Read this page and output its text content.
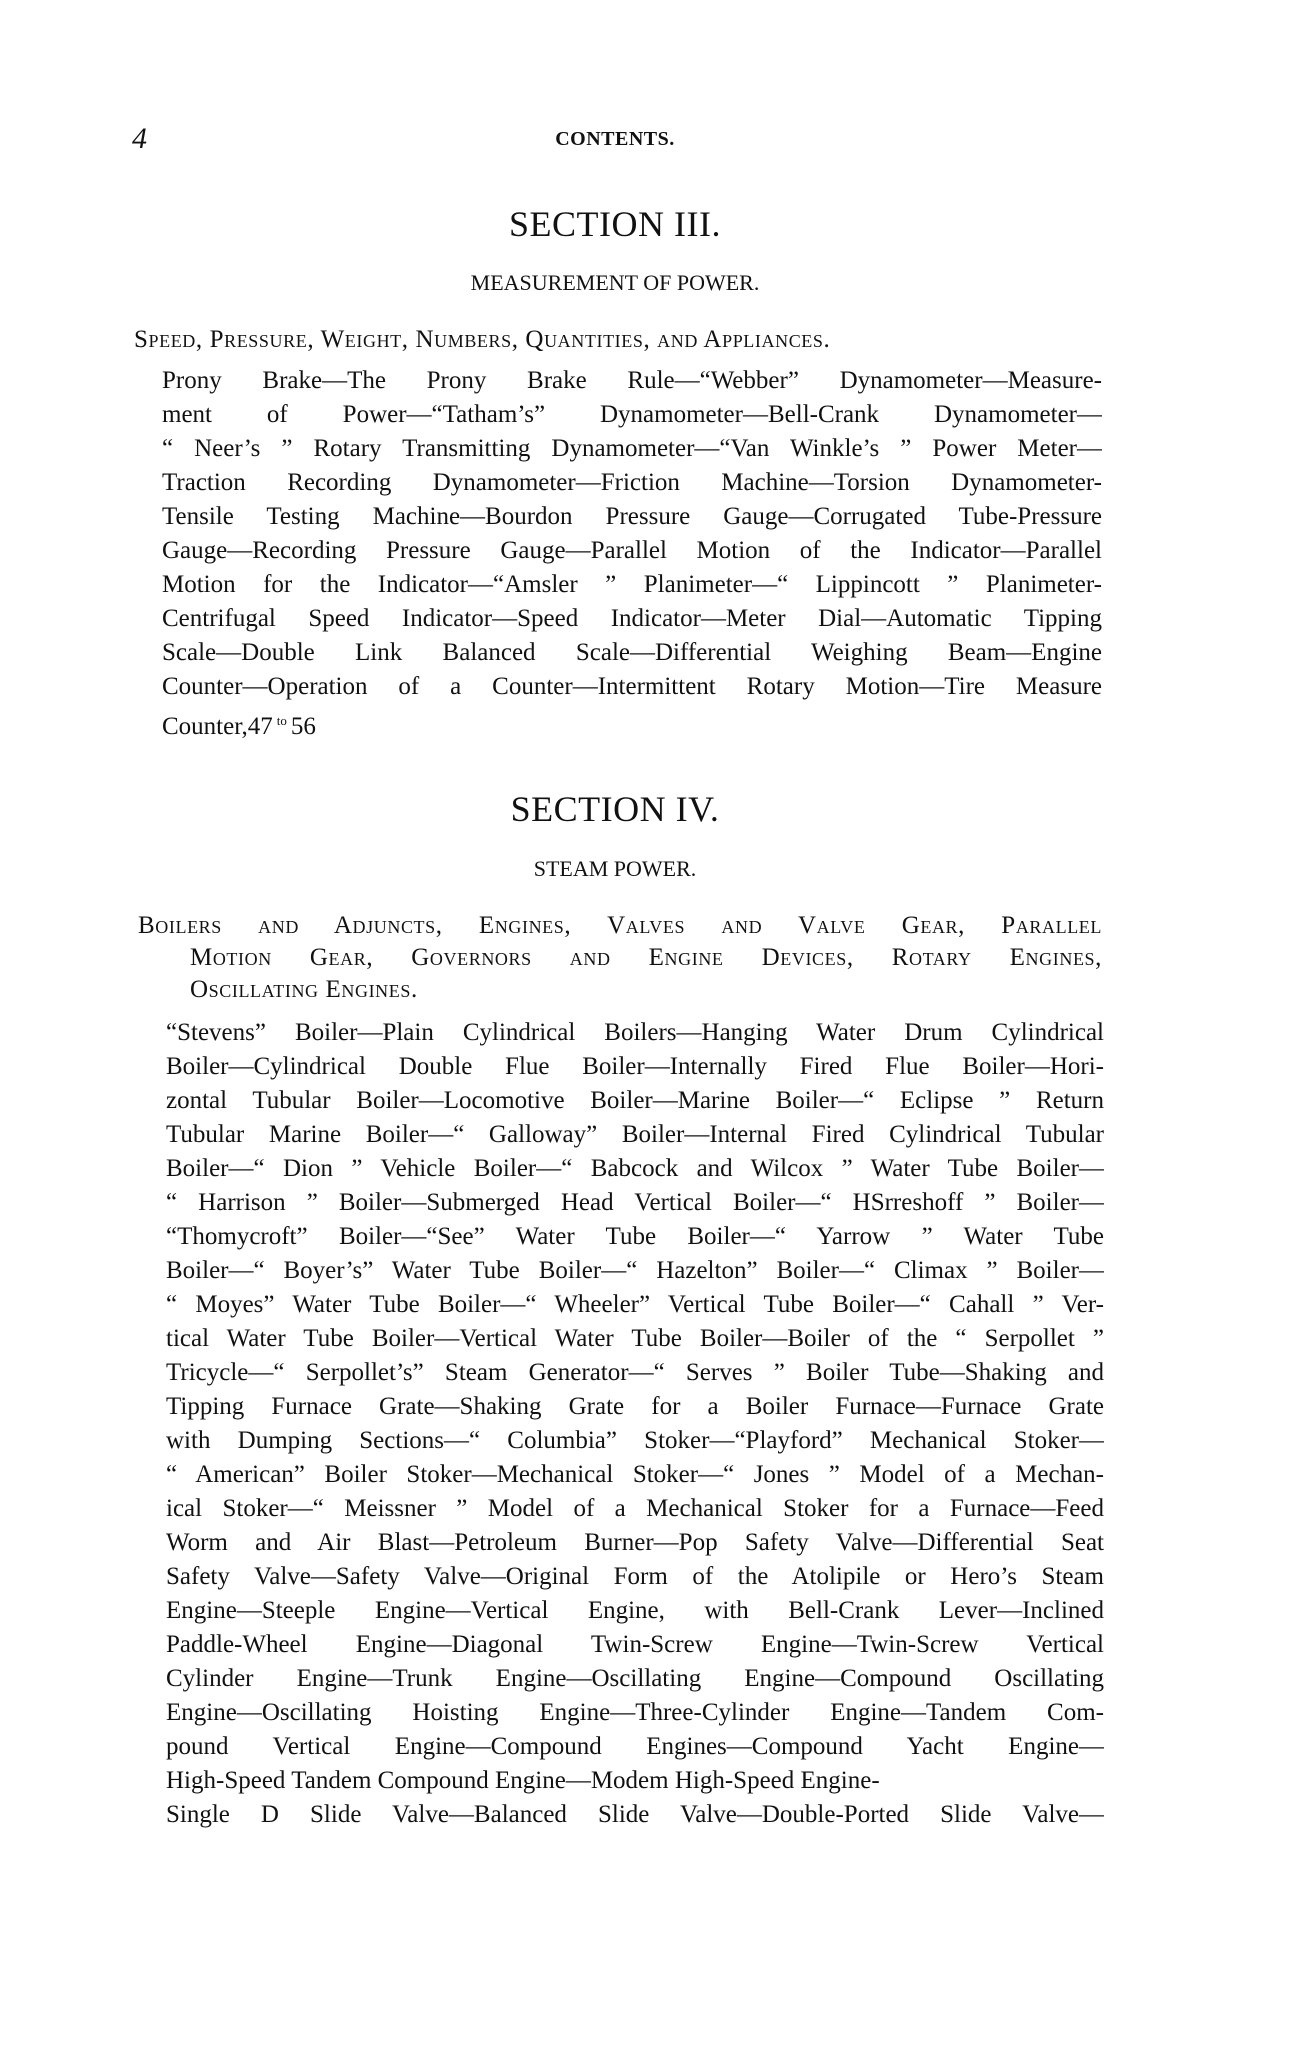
4	CONTENTS.
SECTION III.
MEASUREMENT OF POWER.
Speed, Pressure, Weight, Numbers, Quantities, and Appliances.
Prony Brake—The Prony Brake Rule—“Webber” Dynamometer—Measure-
ment of Power—“Tatham’s” Dynamometer—Bell-Crank Dynamometer—
“ Neer’s ” Rotary Transmitting Dynamometer—“Van Winkle’s ” Power Meter—
Traction Recording Dynamometer—Friction Machine—Torsion Dynamometer-
Tensile Testing Machine—Bourdon Pressure Gauge—Corrugated Tube-Pressure
Gauge—Recording Pressure Gauge—Parallel Motion of the Indicator—Parallel
Motion for the Indicator—“Amsler ” Planimeter—“ Lippincott ” Planimeter-
Centrifugal Speed Indicator—Speed Indicator—Meter Dial—Automatic Tipping
Scale—Double Link Balanced Scale—Differential Weighing Beam—Engine
Counter—Operation of a Counter—Intermittent Rotary Motion—Tire Measure
Counter,47 $^{to}$ 56
SECTION IV.
STEAM POWER.
Boilers and Adjuncts, Engines, Valves and Valve Gear, Parallel
Motion Gear, Governors and Engine Devices, Rotary Engines,
Oscillating Engines.
“Stevens” Boiler—Plain Cylindrical Boilers—Hanging Water Drum Cylindrical
Boiler—Cylindrical Double Flue Boiler—Internally Fired Flue Boiler—Hori-
zontal Tubular Boiler—Locomotive Boiler—Marine Boiler—“ Eclipse ” Return
Tubular Marine Boiler—“ Galloway” Boiler—Internal Fired Cylindrical Tubular
Boiler—“ Dion ” Vehicle Boiler—“ Babcock and Wilcox ” Water Tube Boiler—
“ Harrison ” Boiler—Submerged Head Vertical Boiler—“ HSrreshoff ” Boiler—
“Thomycroft” Boiler—“See” Water Tube Boiler—“ Yarrow ” Water Tube
Boiler—“ Boyer’s” Water Tube Boiler—“ Hazelton” Boiler—“ Climax ” Boiler—
“ Moyes” Water Tube Boiler—“ Wheeler” Vertical Tube Boiler—“ Cahall ” Ver-
tical Water Tube Boiler—Vertical Water Tube Boiler—Boiler of the “ Serpollet ”
Tricycle—“ Serpollet’s” Steam Generator—“ Serves ” Boiler Tube—Shaking and
Tipping Furnace Grate—Shaking Grate for a Boiler Furnace—Furnace Grate
with Dumping Sections—“ Columbia” Stoker—“Playford” Mechanical Stoker—
“ American” Boiler Stoker—Mechanical Stoker—“ Jones ” Model of a Mechan-
ical Stoker—“ Meissner ” Model of a Mechanical Stoker for a Furnace—Feed
Worm and Air Blast—Petroleum Burner—Pop Safety Valve—Differential Seat
Safety Valve—Safety Valve—Original Form of the Atolipile or Hero’s Steam
Engine—Steeple Engine—Vertical Engine, with Bell-Crank Lever—Inclined
Paddle-Wheel Engine—Diagonal Twin-Screw Engine—Twin-Screw Vertical
Cylinder Engine—Trunk Engine—Oscillating Engine—Compound Oscillating
Engine—Oscillating Hoisting Engine—Three-Cylinder Engine—Tandem Com-
pound Vertical Engine—Compound Engines—Compound Yacht Engine—
High-Speed Tandem Compound Engine—Modem High-Speed Engine-
Single D Slide Valve—Balanced Slide Valve—Double-Ported Slide Valve—
